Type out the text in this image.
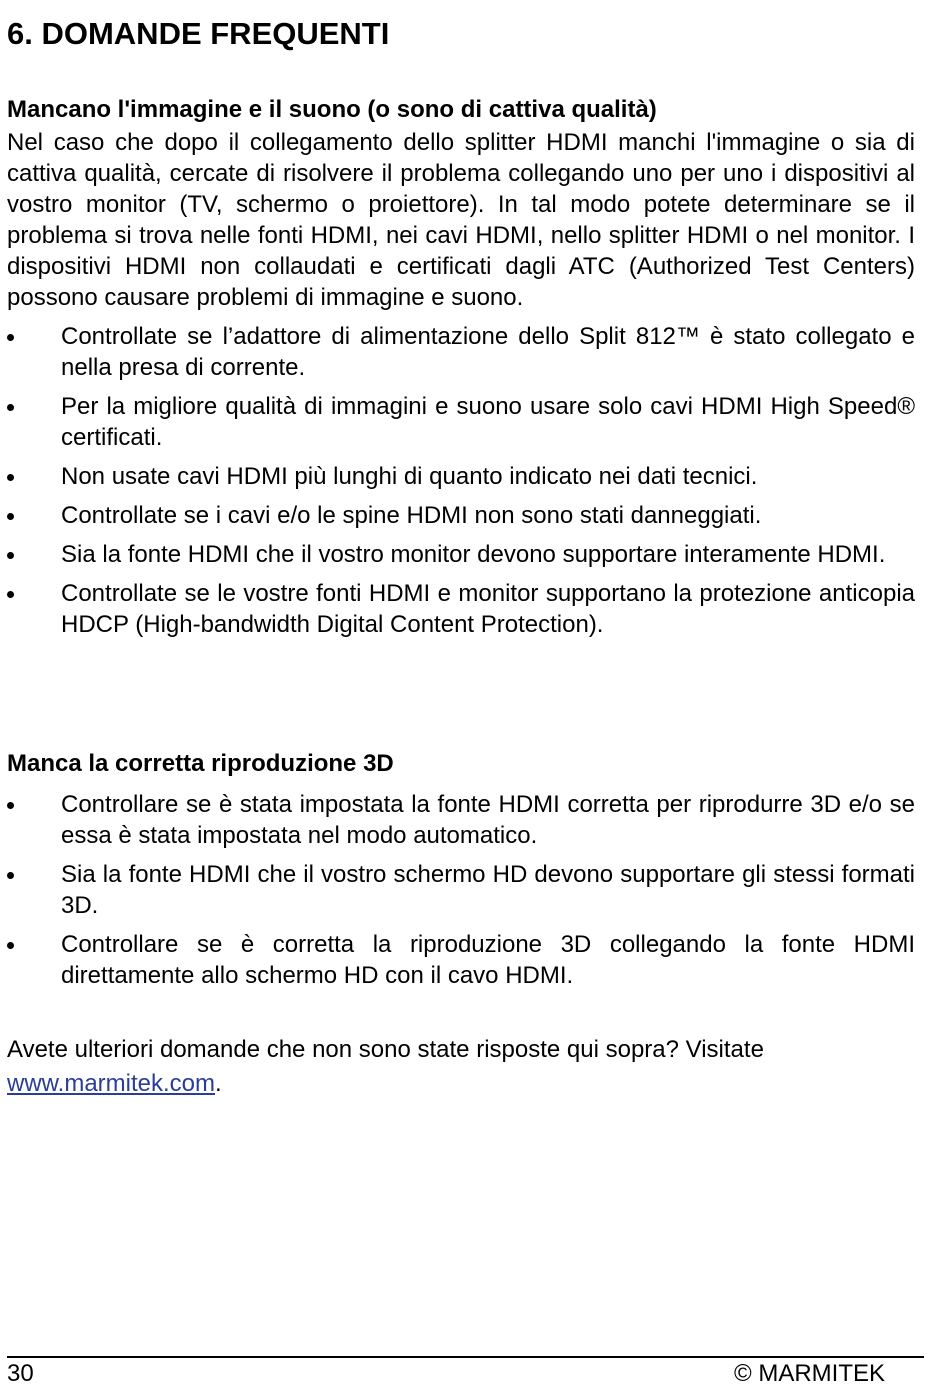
6. DOMANDE FREQUENTI
Mancano l'immagine e il suono (o sono di cattiva qualità)

Nel caso che dopo il collegamento dello splitter HDMI manchi l'immagine o sia di cattiva qualità, cercate di risolvere il problema collegando uno per uno i dispositivi al vostro monitor (TV, schermo o proiettore). In tal modo potete determinare se il problema si trova nelle fonti HDMI, nei cavi HDMI, nello splitter HDMI o nel monitor. I dispositivi HDMI non collaudati e certificati dagli ATC (Authorized Test Centers) possono causare problemi di immagine e suono.

Controllate se l’adattore di alimentazione dello Split 812™ è stato collegato e nella presa di corrente.
Per la migliore qualità di immagini e suono usare solo cavi HDMI High Speed® certificati.
Non usate cavi HDMI più lunghi di quanto indicato nei dati tecnici.
Controllate se i cavi e/o le spine HDMI non sono stati danneggiati.
Sia la fonte HDMI che il vostro monitor devono supportare interamente HDMI.
Controllate se le vostre fonti HDMI e monitor supportano la protezione anticopia HDCP (High-bandwidth Digital Content Protection).
Manca la corretta riproduzione 3D
Controllare se è stata impostata la fonte HDMI corretta per riprodurre 3D e/o se essa è stata impostata nel modo automatico.
Sia la fonte HDMI che il vostro schermo HD devono supportare gli stessi formati 3D.
Controllare se è corretta la riproduzione 3D collegando la fonte HDMI direttamente allo schermo HD con il cavo HDMI.

Avete ulteriori domande che non sono state risposte qui sopra? Visitate

www.marmitek.com.

30	© MARMITEK
